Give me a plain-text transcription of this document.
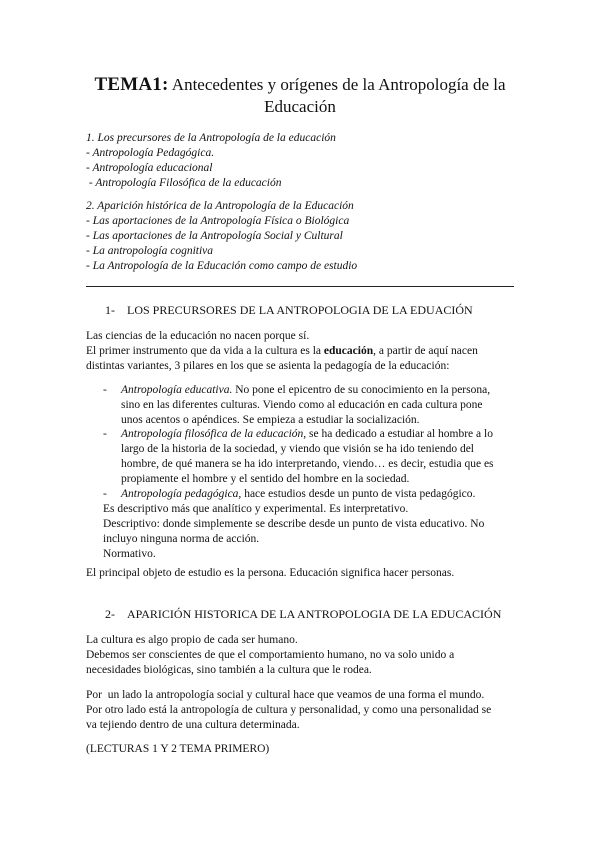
TEMA1: Antecedentes y orígenes de la Antropología de la
Educación
1. Los precursores de la Antropología de la educación
- Antropología Pedagógica.
- Antropología educacional
- Antropología Filosófica de la educación
2. Aparición histórica de la Antropología de la Educación
- Las aportaciones de la Antropología Física o Biológica
- Las aportaciones de la Antropología Social y Cultural
- La antropología cognitiva
- La Antropología de la Educación como campo de estudio
1- LOS PRECURSORES DE LA ANTROPOLOGIA DE LA EDUACIÓN
Las ciencias de la educación no nacen porque sí.
El primer instrumento que da vida a la cultura es la educación, a partir de aquí nacen
distintas variantes, 3 pilares en los que se asienta la pedagogía de la educación:
- Antropología educativa. No pone el epicentro de su conocimiento en la persona,
sino en las diferentes culturas. Viendo como al educación en cada cultura pone
unos acentos o apéndices. Se empieza a estudiar la socialización.
- Antropología filosófica de la educación, se ha dedicado a estudiar al hombre a lo
largo de la historia de la sociedad, y viendo que visión se ha ido teniendo del
hombre, de qué manera se ha ido interpretando, viendo… es decir, estudia que es
propiamente el hombre y el sentido del hombre en la sociedad.
- Antropología pedagógica, hace estudios desde un punto de vista pedagógico.
Es descriptivo más que analítico y experimental. Es interpretativo.
Descriptivo: donde simplemente se describe desde un punto de vista educativo. No
incluyo ninguna norma de acción.
Normativo.
El principal objeto de estudio es la persona. Educación significa hacer personas.
2- APARICIÓN HISTORICA DE LA ANTROPOLOGIA DE LA EDUCACIÓN
La cultura es algo propio de cada ser humano.
Debemos ser conscientes de que el comportamiento humano, no va solo unido a
necesidades biológicas, sino también a la cultura que le rodea.
Por  un lado la antropología social y cultural hace que veamos de una forma el mundo.
Por otro lado está la antropología de cultura y personalidad, y como una personalidad se
va tejiendo dentro de una cultura determinada.
(LECTURAS 1 Y 2 TEMA PRIMERO)
